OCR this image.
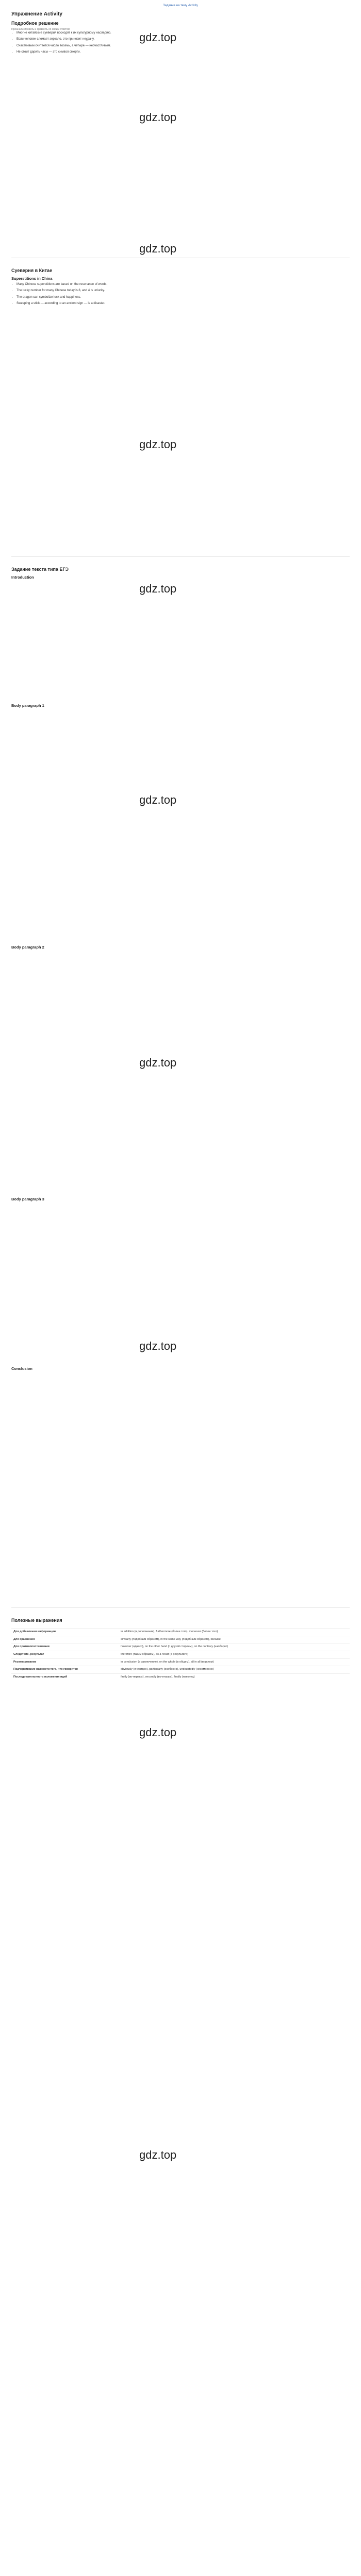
Задание на тему Activity
Упражнение Activity
gdz.top
gdz.top
gdz.top
gdz.top
gdz.top
gdz.top
gdz.top
gdz.top
gdz.top
gdz.top
Подробное решение
Проанализировать и сравнить со своим ответом
• Многие китайские суеверия восходят к их культурному наследию.
• Если человек сломает зеркало, это приносит неудачу.
• Счастливым считается число восемь, а четыре — несчастливым.
• Не стоит дарить часы — это символ смерти.
Суеверия в Китае
Superstitions in China
• Many Chinese superstitions are based on the resonance of words.
• The lucky number for many Chinese today is 8, and 4 is unlucky.
• The dragon can symbolize luck and happiness.
• Sweeping a stick — according to an ancient sign — is a disaster.
Задание текста типа ЕГЭ
Introduction
Body paragraph 1
Body paragraph 2
Body paragraph 3
Conclusion
Полезные выражения
Для добавления информации	in addition (в дополнение), furthermore (более того), moreover (более того)
Для сравнения	similarly (подобным образом), in the same way (подобным образом), likewise
Для противопоставления	however (однако), on the other hand (с другой стороны), on the contrary (наоборот)
Следствие, результат	therefore (таким образом), as a result (в результате)
Резюмирование	in conclusion (в заключение), on the whole (в общем), all in all (в целом)
Подчеркивание важности того, что говорится	obviously (очевидно), particularly (особенно), undoubtedly (несомненно)
Последовательность изложения идей	firstly (во-первых), secondly (во-вторых), finally (наконец)
